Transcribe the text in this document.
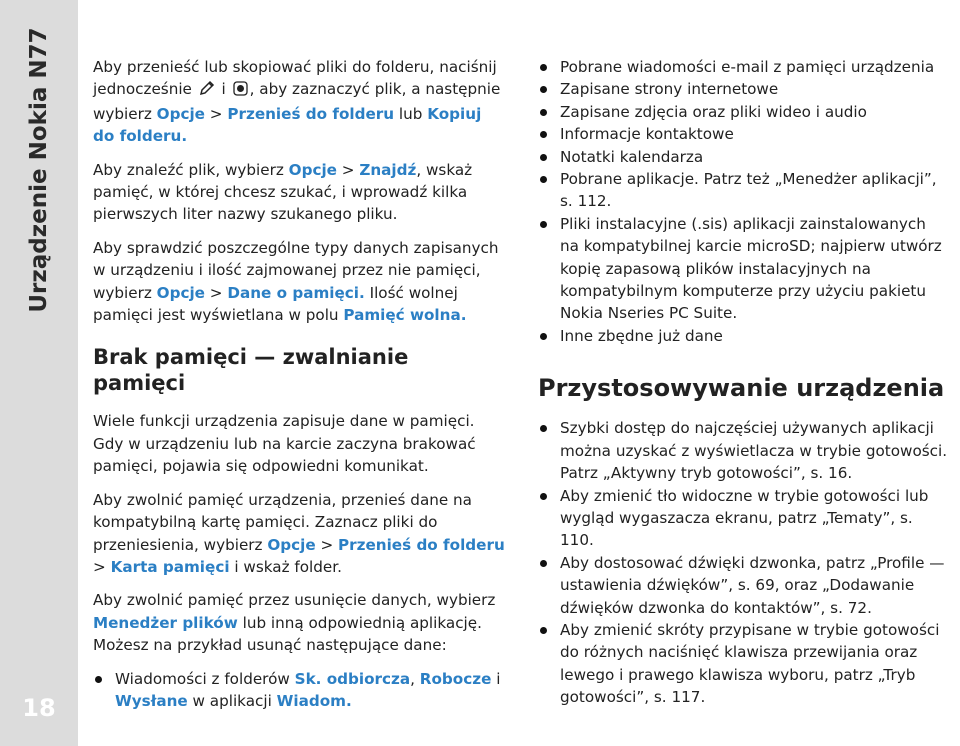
Urządzenie Nokia N77
18

Aby przenieść lub skopiować pliki do folderu, naciśnij jednocześnie i , aby zaznaczyć plik, a następnie wybierz Opcje > Przenieś do folderu lub Kopiuj do folderu.

Aby znaleźć plik, wybierz Opcje > Znajdź, wskaż pamięć, w której chcesz szukać, i wprowadź kilka pierwszych liter nazwy szukanego pliku.

Aby sprawdzić poszczególne typy danych zapisanych w urządzeniu i ilość zajmowanej przez nie pamięci, wybierz Opcje > Dane o pamięci. Ilość wolnej pamięci jest wyświetlana w polu Pamięć wolna.

Brak pamięci — zwalnianie pamięci

Wiele funkcji urządzenia zapisuje dane w pamięci. Gdy w urządzeniu lub na karcie zaczyna brakować pamięci, pojawia się odpowiedni komunikat.

Aby zwolnić pamięć urządzenia, przenieś dane na kompatybilną kartę pamięci. Zaznacz pliki do przeniesienia, wybierz Opcje > Przenieś do folderu > Karta pamięci i wskaż folder.

Aby zwolnić pamięć przez usunięcie danych, wybierz Menedżer plików lub inną odpowiednią aplikację. Możesz na przykład usunąć następujące dane:

Wiadomości z folderów Sk. odbiorcza, Robocze i Wysłane w aplikacji Wiadom.
Pobrane wiadomości e-mail z pamięci urządzenia
Zapisane strony internetowe
Zapisane zdjęcia oraz pliki wideo i audio
Informacje kontaktowe
Notatki kalendarza
Pobrane aplikacje. Patrz też „Menedżer aplikacji”, s. 112.
Pliki instalacyjne (.sis) aplikacji zainstalowanych na kompatybilnej karcie microSD; najpierw utwórz kopię zapasową plików instalacyjnych na kompatybilnym komputerze przy użyciu pakietu Nokia Nseries PC Suite.
Inne zbędne już dane
Przystosowywanie urządzenia
Szybki dostęp do najczęściej używanych aplikacji można uzyskać z wyświetlacza w trybie gotowości. Patrz „Aktywny tryb gotowości”, s. 16.
Aby zmienić tło widoczne w trybie gotowości lub wygląd wygaszacza ekranu, patrz „Tematy”, s. 110.
Aby dostosować dźwięki dzwonka, patrz „Profile — ustawienia dźwięków”, s. 69, oraz „Dodawanie dźwięków dzwonka do kontaktów”, s. 72.
Aby zmienić skróty przypisane w trybie gotowości do różnych naciśnięć klawisza przewijania oraz lewego i prawego klawisza wyboru, patrz „Tryb gotowości”, s. 117.
